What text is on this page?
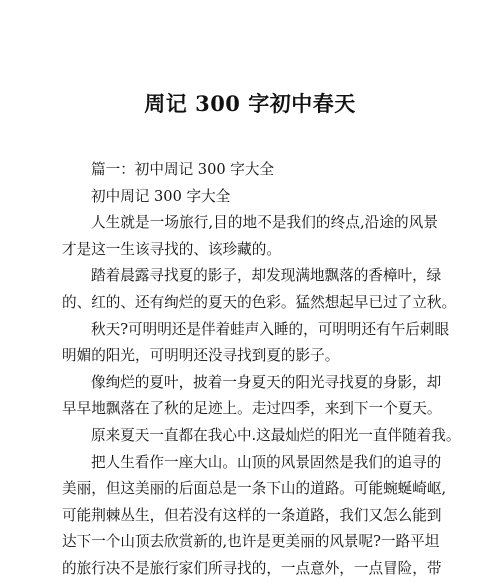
周记 300 字初中春天
篇一：初中周记 300 字大全
初中周记 300 字大全
人生就是一场旅行,目的地不是我们的终点,沿途的风景
才是这一生该寻找的、该珍藏的。
踏着晨露寻找夏的影子，却发现满地飘落的香樟叶，绿
的、红的、还有绚烂的夏天的色彩。猛然想起早已过了立秋。
秋天?可明明还是伴着蛙声入睡的，可明明还有午后刺眼
明媚的阳光，可明明还没寻找到夏的影子。
像绚烂的夏叶，披着一身夏天的阳光寻找夏的身影，却
早早地飘落在了秋的足迹上。走过四季，来到下一个夏天。
原来夏天一直都在我心中.这最灿烂的阳光一直伴随着我。
把人生看作一座大山。山顶的风景固然是我们的追寻的
美丽，但这美丽的后面总是一条下山的道路。可能蜿蜒崎岖,
可能荆棘丛生，但若没有这样的一条道路，我们又怎么能到
达下一个山顶去欣赏新的,也许是更美丽的风景呢?一路平坦
的旅行决不是旅行家们所寻找的，一点意外，一点冒险，带
